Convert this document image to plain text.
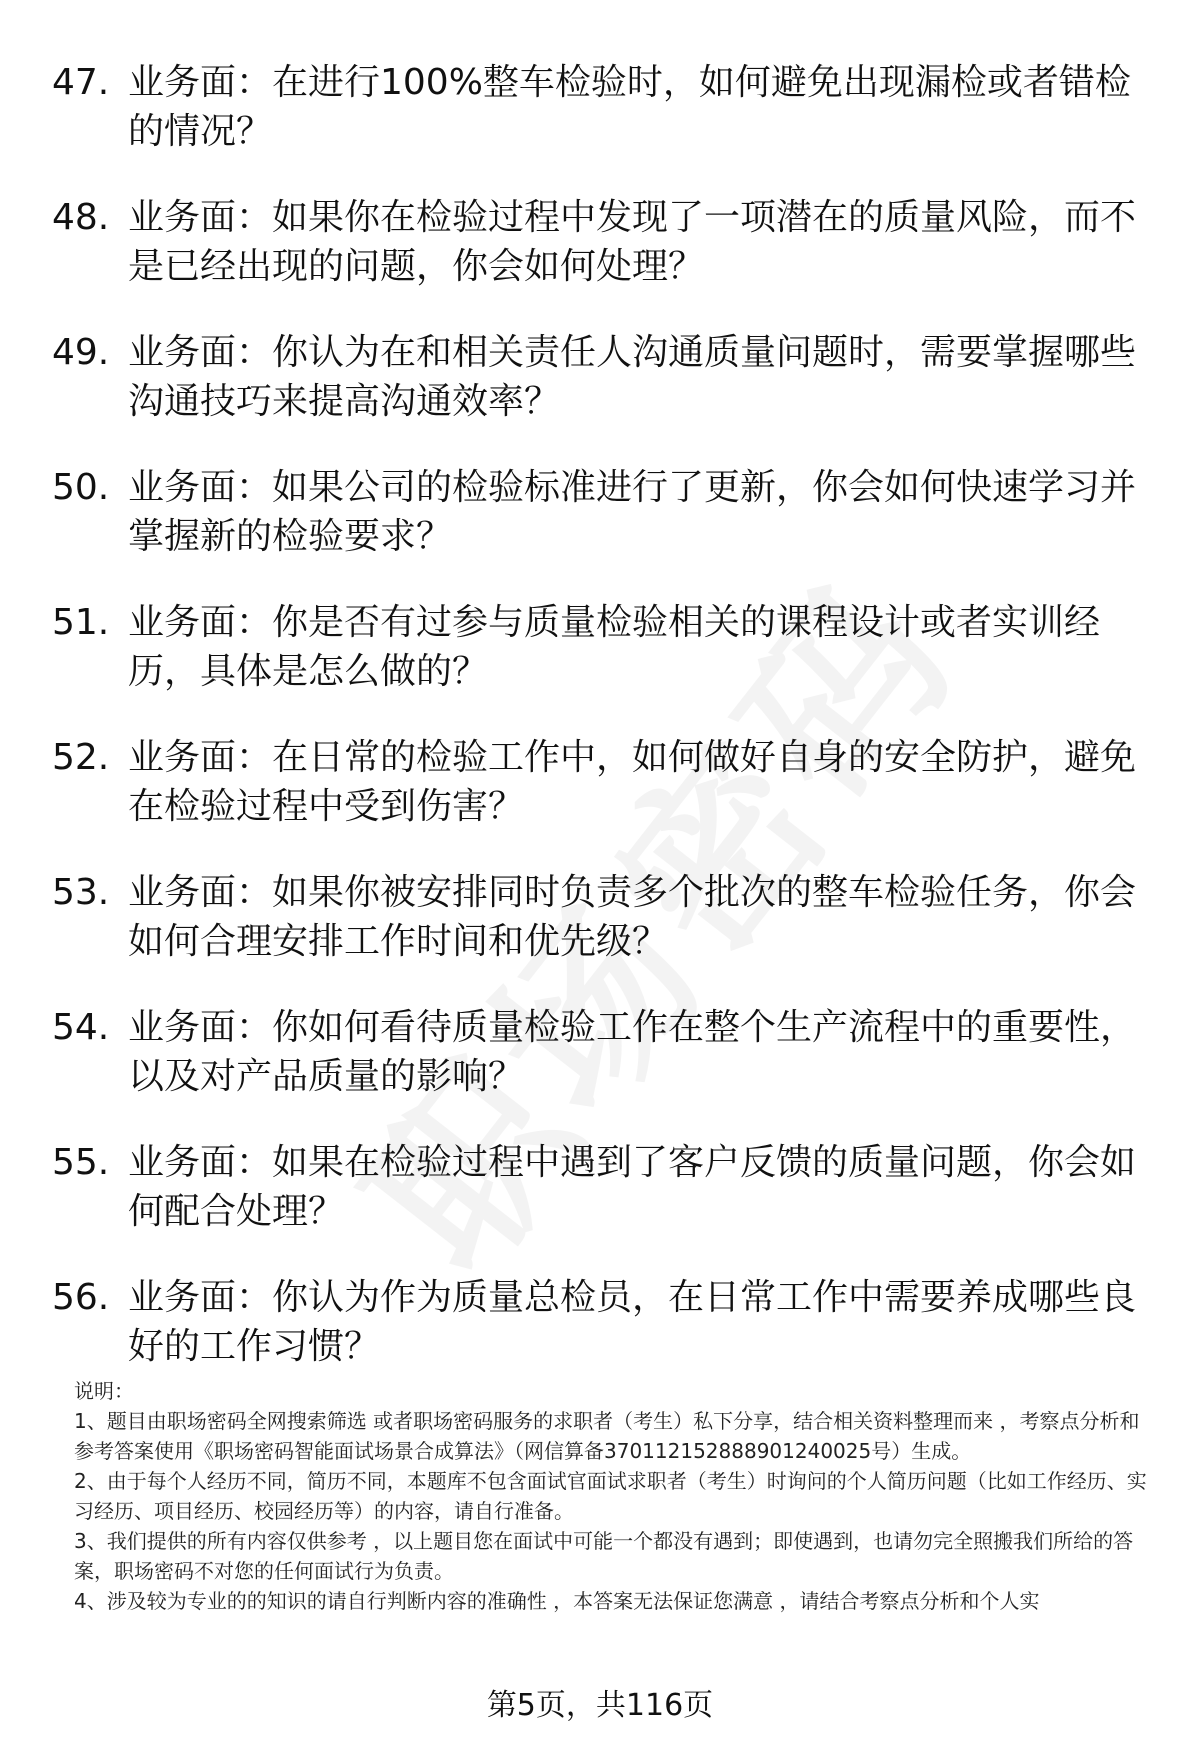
47. 业务面：在进行100%整车检验时，如何避免出现漏检或者错检的情况？
48. 业务面：如果你在检验过程中发现了一项潜在的质量风险，而不是已经出现的问题，你会如何处理？
49. 业务面：你认为在和相关责任人沟通质量问题时，需要掌握哪些沟通技巧来提高沟通效率？
50. 业务面：如果公司的检验标准进行了更新，你会如何快速学习并掌握新的检验要求？
51. 业务面：你是否有过参与质量检验相关的课程设计或者实训经历，具体是怎么做的？
52. 业务面：在日常的检验工作中，如何做好自身的安全防护，避免在检验过程中受到伤害？
53. 业务面：如果你被安排同时负责多个批次的整车检验任务，你会如何合理安排工作时间和优先级？
54. 业务面：你如何看待质量检验工作在整个生产流程中的重要性，以及对产品质量的影响？
55. 业务面：如果在检验过程中遇到了客户反馈的质量问题，你会如何配合处理？
56. 业务面：你认为作为质量总检员，在日常工作中需要养成哪些良好的工作习惯？

说明：

1、题目由职场密码全网搜索筛选 或者职场密码服务的求职者（考生）私下分享，结合相关资料整理而来 ，考察点分析和参考答案使用《职场密码智能面试场景合成算法》（网信算备370112152888901240025号）生成。

2、由于每个人经历不同，简历不同，本题库不包含面试官面试求职者（考生）时询问的个人简历问题（比如工作经历、实习经历、项目经历、校园经历等）的内容，请自行准备。

3、我们提供的所有内容仅供参考 ，以上题目您在面试中可能一个都没有遇到；即使遇到，也请勿完全照搬我们所给的答案，职场密码不对您的任何面试行为负责。

4、涉及较为专业的的知识的请自行判断内容的准确性 ，本答案无法保证您满意 ，请结合考察点分析和个人实

第5页，共116页
